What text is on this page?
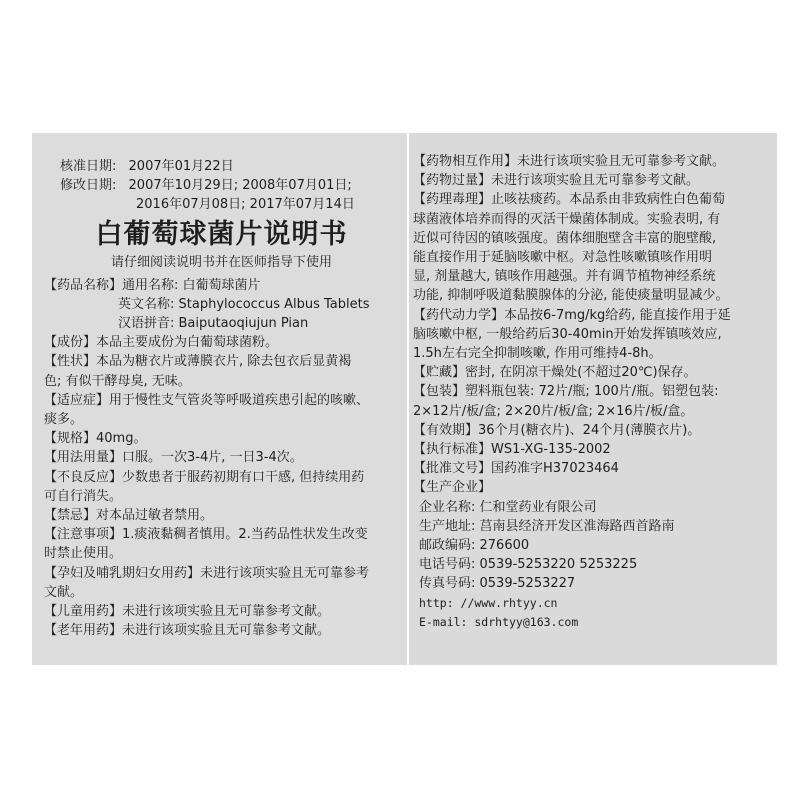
核准日期: 2007年01月22日
修改日期: 2007年10月29日; 2008年07月01日;
2016年07月08日; 2017年07月14日
白葡萄球菌片说明书
请仔细阅读说明书并在医师指导下使用
【药品名称】通用名称: 白葡萄球菌片
英文名称: Staphylococcus Albus Tablets
汉语拼音: Baiputaoqiujun Pian
【成份】本品主要成份为白葡萄球菌粉。
【性状】本品为糖衣片或薄膜衣片, 除去包衣后显黄褐
色; 有似干酵母臭, 无味。
【适应症】用于慢性支气管炎等呼吸道疾患引起的咳嗽、
痰多。
【规格】40mg。
【用法用量】口服。一次3-4片, 一日3-4次。
【不良反应】少数患者于服药初期有口干感, 但持续用药
可自行消失。
【禁忌】对本品过敏者禁用。
【注意事项】1.痰液黏稠者慎用。2.当药品性状发生改变
时禁止使用。
【孕妇及哺乳期妇女用药】未进行该项实验且无可靠参考
文献。
【儿童用药】未进行该项实验且无可靠参考文献。
【老年用药】未进行该项实验且无可靠参考文献。
【药物相互作用】未进行该项实验且无可靠参考文献。
【药物过量】未进行该项实验且无可靠参考文献。
【药理毒理】止咳祛痰药。本品系由非致病性白色葡萄
球菌液体培养而得的灭活干燥菌体制成。实验表明, 有
近似可待因的镇咳强度。菌体细胞壁含丰富的胞壁酸,
能直接作用于延脑咳嗽中枢。对急性咳嗽镇咳作用明
显, 剂量越大, 镇咳作用越强。并有调节植物神经系统
功能, 抑制呼吸道黏膜腺体的分泌, 能使痰量明显减少。
【药代动力学】本品按6-7mg/kg给药, 能直接作用于延
脑咳嗽中枢, 一般给药后30-40min开始发挥镇咳效应,
1.5h左右完全抑制咳嗽, 作用可维持4-8h。
【贮藏】密封, 在阴凉干燥处(不超过20℃)保存。
【包装】塑料瓶包装: 72片/瓶; 100片/瓶。铝塑包装:
2×12片/板/盒; 2×20片/板/盒; 2×16片/板/盒。
【有效期】36个月(糖衣片)、24个月(薄膜衣片)。
【执行标准】WS1-XG-135-2002
【批准文号】国药准字H37023464
【生产企业】
企业名称: 仁和堂药业有限公司
生产地址: 莒南县经济开发区淮海路西首路南
邮政编码: 276600
电话号码: 0539-5253220 5253225
传真号码: 0539-5253227
http: //www.rhtyy.cn
E-mail: sdrhtyy@163.com
